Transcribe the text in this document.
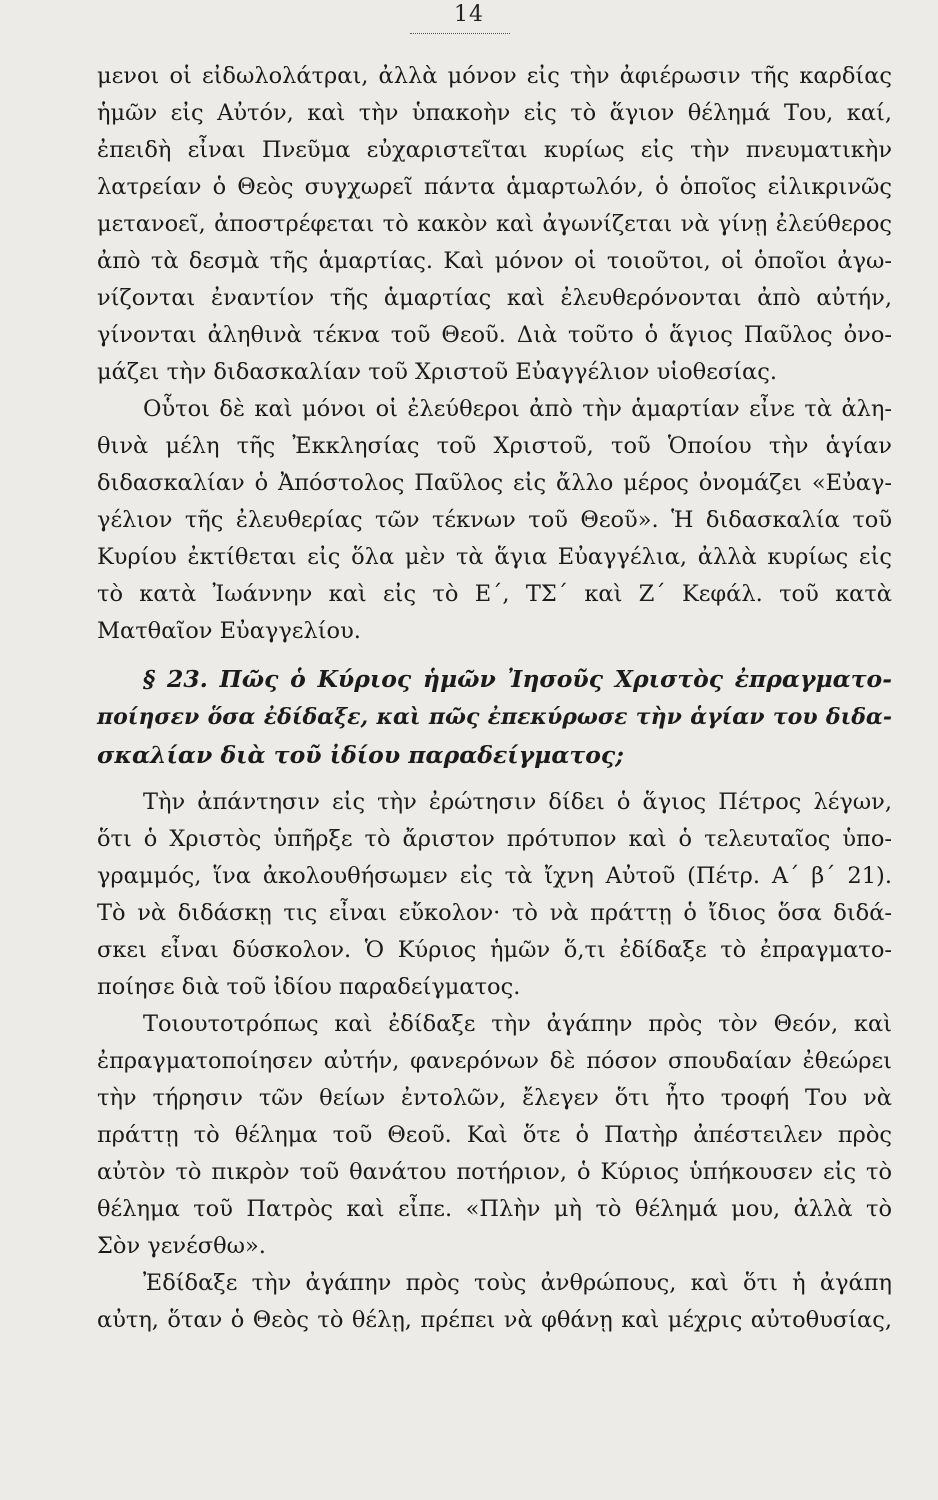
14
μενοι οἱ εἰδωλολάτραι, ἀλλὰ μόνον εἰς τὴν ἀφιέρωσιν τῆς καρδίας
ἡμῶν εἰς Αὐτόν, καὶ τὴν ὑπακοὴν εἰς τὸ ἅγιον θέλημά Του, καί,
ἐπειδὴ εἶναι Πνεῦμα εὐχαριστεῖται κυρίως εἰς τὴν πνευματικὴν
λατρείαν ὁ Θεὸς συγχωρεῖ πάντα ἁμαρτωλόν, ὁ ὁποῖος εἰλικρινῶς
μετανοεῖ, ἀποστρέφεται τὸ κακὸν καὶ ἀγωνίζεται νὰ γίνῃ ἐλεύθερος
ἀπὸ τὰ δεσμὰ τῆς ἁμαρτίας. Καὶ μόνον οἱ τοιοῦτοι, οἱ ὁποῖοι ἀγω-
νίζονται ἐναντίον τῆς ἁμαρτίας καὶ ἐλευθερόνονται ἀπὸ αὐτήν,
γίνονται ἀληθινὰ τέκνα τοῦ Θεοῦ. Διὰ τοῦτο ὁ ἅγιος Παῦλος ὀνο-
μάζει τὴν διδασκαλίαν τοῦ Χριστοῦ Εὐαγγέλιον υἱοθεσίας.
Οὗτοι δὲ καὶ μόνοι οἱ ἐλεύθεροι ἀπὸ τὴν ἁμαρτίαν εἶνε τὰ ἀλη-
θινὰ μέλη τῆς Ἐκκλησίας τοῦ Χριστοῦ, τοῦ Ὁποίου τὴν ἁγίαν
διδασκαλίαν ὁ Ἀπόστολος Παῦλος εἰς ἄλλο μέρος ὀνομάζει «Εὐαγ-
γέλιον τῆς ἐλευθερίας τῶν τέκνων τοῦ Θεοῦ». Ἡ διδασκαλία τοῦ
Κυρίου ἐκτίθεται εἰς ὅλα μὲν τὰ ἅγια Εὐαγγέλια, ἀλλὰ κυρίως εἰς
τὸ κατὰ Ἰωάννην καὶ εἰς τὸ Ε΄, ΤΣ΄ καὶ Ζ΄ Κεφάλ. τοῦ κατὰ
Ματθαῖον Εὐαγγελίου.
§ 23. Πῶς ὁ Κύριος ἡμῶν Ἰησοῦς Χριστὸς ἐπραγματο-
ποίησεν ὅσα ἐδίδαξε, καὶ πῶς ἐπεκύρωσε τὴν ἁγίαν του διδα-
σκαλίαν διὰ τοῦ ἰδίου παραδείγματος;
Τὴν ἀπάντησιν εἰς τὴν ἐρώτησιν δίδει ὁ ἅγιος Πέτρος λέγων,
ὅτι ὁ Χριστὸς ὑπῆρξε τὸ ἄριστον πρότυπον καὶ ὁ τελευταῖος ὑπο-
γραμμός, ἵνα ἀκολουθήσωμεν εἰς τὰ ἴχνη Αὐτοῦ (Πέτρ. Α΄ β΄ 21).
Τὸ νὰ διδάσκῃ τις εἶναι εὔκολον· τὸ νὰ πράττῃ ὁ ἴδιος ὅσα διδά-
σκει εἶναι δύσκολον. Ὁ Κύριος ἡμῶν ὅ,τι ἐδίδαξε τὸ ἐπραγματο-
ποίησε διὰ τοῦ ἰδίου παραδείγματος.
Τοιουτοτρόπως καὶ ἐδίδαξε τὴν ἀγάπην πρὸς τὸν Θεόν, καὶ
ἐπραγματοποίησεν αὐτήν, φανερόνων δὲ πόσον σπουδαίαν ἐθεώρει
τὴν τήρησιν τῶν θείων ἐντολῶν, ἔλεγεν ὅτι ἦτο τροφή Του νὰ
πράττῃ τὸ θέλημα τοῦ Θεοῦ. Καὶ ὅτε ὁ Πατὴρ ἀπέστειλεν πρὸς
αὐτὸν τὸ πικρὸν τοῦ θανάτου ποτήριον, ὁ Κύριος ὑπήκουσεν εἰς τὸ
θέλημα τοῦ Πατρὸς καὶ εἶπε. «Πλὴν μὴ τὸ θέλημά μου, ἀλλὰ τὸ
Σὸν γενέσθω».
Ἐδίδαξε τὴν ἀγάπην πρὸς τοὺς ἀνθρώπους, καὶ ὅτι ἡ ἀγάπη
αὐτη, ὅταν ὁ Θεὸς τὸ θέλῃ, πρέπει νὰ φθάνῃ καὶ μέχρις αὐτοθυσίας,
